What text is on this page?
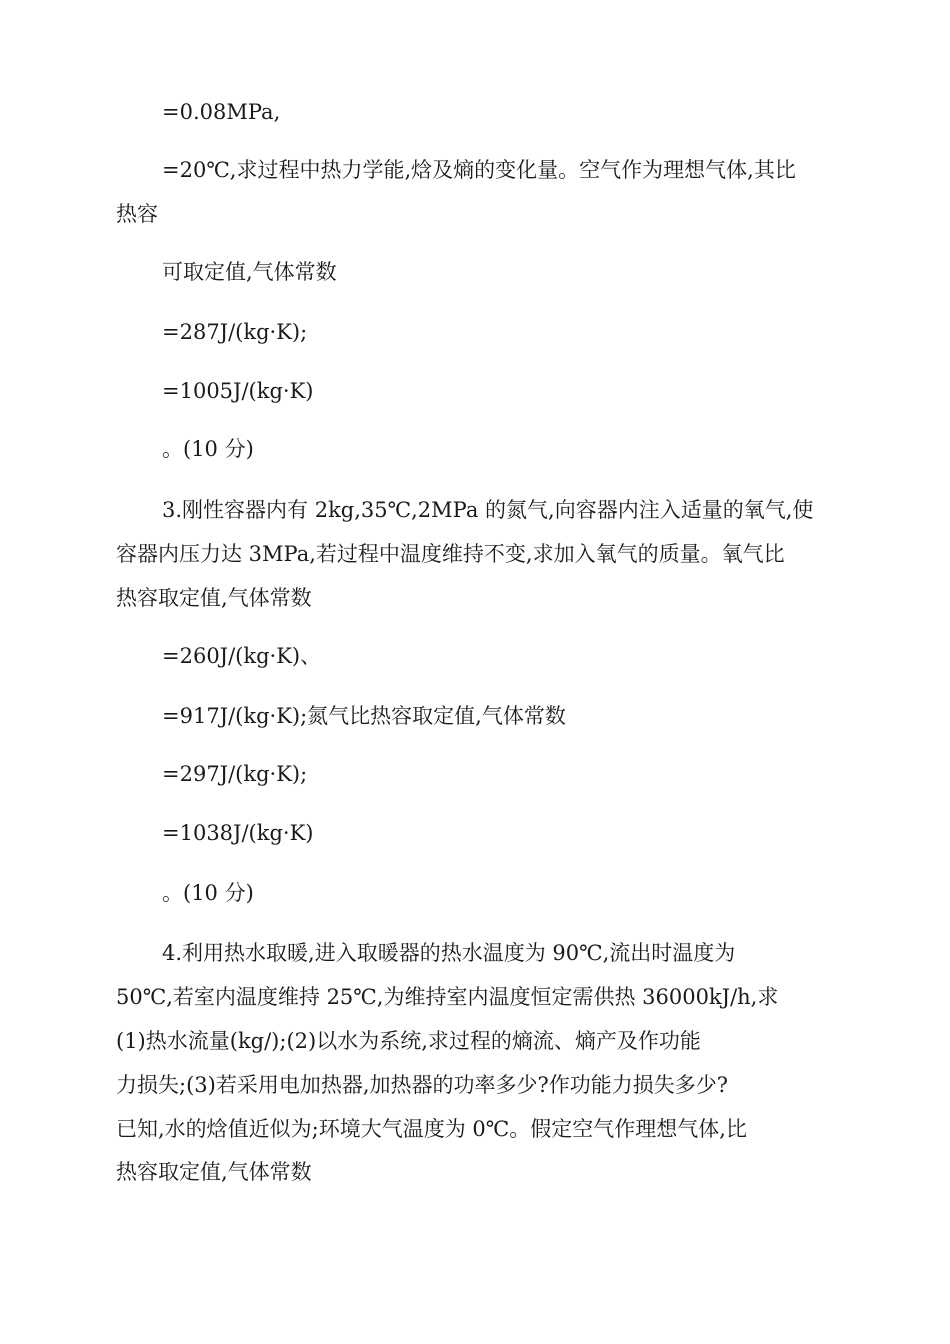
=0.08MPa,

=20℃,求过程中热力学能,焓及熵的变化量。空气作为理想气体,其比

热容

可取定值,气体常数

=287J/(kg·K);

=1005J/(kg·K)

。(10 分)

3.刚性容器内有 2kg,35℃,2MPa 的氮气,向容器内注入适量的氧气,使

容器内压力达 3MPa,若过程中温度维持不变,求加入氧气的质量。氧气比

热容取定值,气体常数

=260J/(kg·K)、

=917J/(kg·K);氮气比热容取定值,气体常数

=297J/(kg·K);

=1038J/(kg·K)

。(10 分)

4.利用热水取暖,进入取暖器的热水温度为 90℃,流出时温度为

50℃,若室内温度维持 25℃,为维持室内温度恒定需供热 36000kJ/h,求

(1)热水流量(kg/);(2)以水为系统,求过程的熵流、熵产及作功能

力损失;(3)若采用电加热器,加热器的功率多少?作功能力损失多少?

已知,水的焓值近似为;环境大气温度为 0℃。假定空气作理想气体,比

热容取定值,气体常数
